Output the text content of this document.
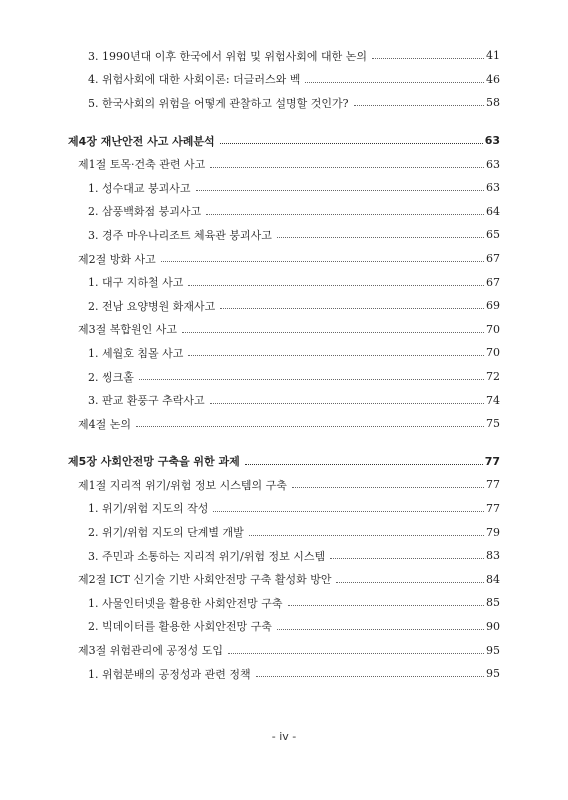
3. 1990년대 이후 한국에서 위험 및 위험사회에 대한 논의	41
4. 위험사회에 대한 사회이론: 더글러스와 벡	46
5. 한국사회의 위험을 어떻게 관찰하고 설명할 것인가?	58
제4장 재난안전 사고 사례분석	63
제1절 토목·건축 관련 사고	63
1. 성수대교 붕괴사고	63
2. 삼풍백화점 붕괴사고	64
3. 경주 마우나리조트 체육관 붕괴사고	65
제2절 방화 사고	67
1. 대구 지하철 사고	67
2. 전남 요양병원 화재사고	69
제3절 복합원인 사고	70
1. 세월호 침몰 사고	70
2. 씽크홀	72
3. 판교 환풍구 추락사고	74
제4절 논의	75
제5장 사회안전망 구축을 위한 과제	77
제1절 지리적 위기/위험 정보 시스템의 구축	77
1. 위기/위험 지도의 작성	77
2. 위기/위험 지도의 단계별 개발	79
3. 주민과 소통하는 지리적 위기/위험 정보 시스템	83
제2절 ICT 신기술 기반 사회안전망 구축 활성화 방안	84
1. 사물인터넷을 활용한 사회안전망 구축	85
2. 빅데이터를 활용한 사회안전망 구축	90
제3절 위험관리에 공정성 도입	95
1. 위험분배의 공정성과 관련 정책	95
- iv -
